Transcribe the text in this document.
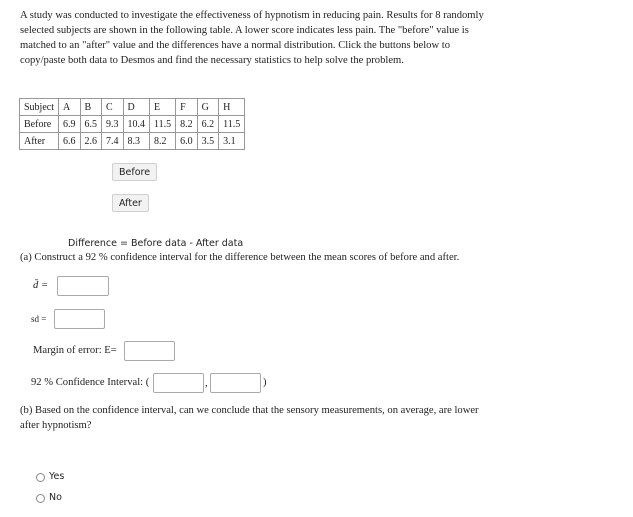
A study was conducted to investigate the effectiveness of hypnotism in reducing pain. Results for 8 randomly selected subjects are shown in the following table. A lower score indicates less pain. The "before" value is matched to an "after" value and the differences have a normal distribution. Click the buttons below to copy/paste both data to Desmos and find the necessary statistics to help solve the problem.
Subject	A	B	C	D	E	F	G	H
Before	6.9	6.5	9.3	10.4	11.5	8.2	6.2	11.5
After	6.6	2.6	7.4	8.3	8.2	6.0	3.5	3.1
Before
After
Difference = Before data - After data
(a) Construct a 92 % confidence interval for the difference between the mean scores of before and after.
d̄ =
sd =
Margin of error: E=
92 % Confidence Interval: (	,	)
(b) Based on the confidence interval, can we conclude that the sensory measurements, on average, are lower after hypnotism?
Yes
No
